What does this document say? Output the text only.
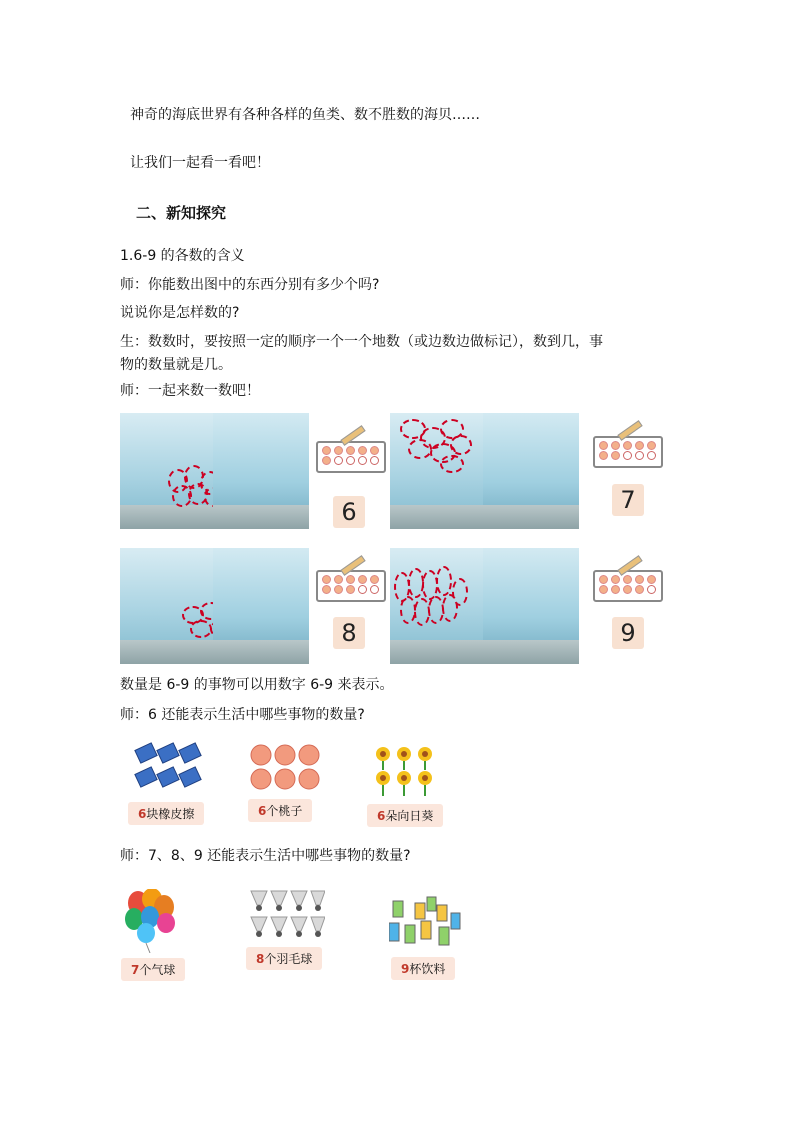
神奇的海底世界有各种各样的鱼类、数不胜数的海贝……
让我们一起看一看吧！
二、新知探究
1.6-9 的各数的含义
师：你能数出图中的东西分别有多少个吗?
说说你是怎样数的?
生：数数时，要按照一定的顺序一个一个地数（或边数边做标记），数到几，事
物的数量就是几。
师：一起来数一数吧！
6	7
8	9
数量是 6-9 的事物可以用数字 6-9 来表示。
师：6 还能表示生活中哪些事物的数量?
6块橡皮擦	6个桃子	6朵向日葵
师：7、8、9 还能表示生活中哪些事物的数量?
7个气球
8个羽毛球
9杯饮料
